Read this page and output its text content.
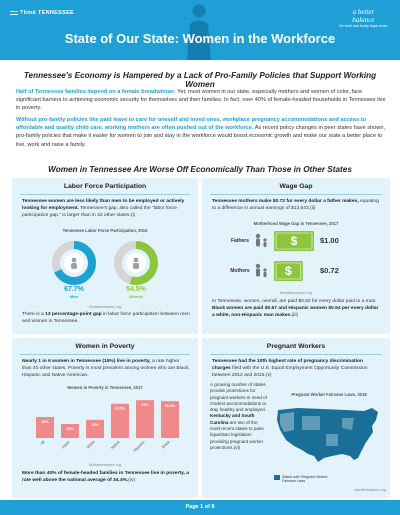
Think TENNESSEE	a better
balance
the work and family legal center
State of Our State: Women in the Workforce
Tennessee's Economy is Hampered by a Lack of Pro-Family Policies that Support Working Women
Half of Tennessee families depend on a female breadwinner. Yet, most women in our state, especially mothers and women of color, face significant barriers to achieving economic security for themselves and their families. In fact, over 40% of female-headed households in Tennessee live in poverty.
Without pro-family policies like paid leave to care for oneself and loved ones, workplace pregnancy accommodations and access to affordable and quality child care, working mothers are often pushed out of the workforce. As recent policy changes in peer states have shown, pro-family policies that make it easier for women to join and stay in the workforce would boost economic growth and make our state a better place to live, work and raise a family.
Women in Tennessee Are Worse Off Economically Than Those in Other States
Labor Force Participation
Tennessee women are less likely than men to be employed or actively looking for employment. Tennessee's gap, also called the "labor force participation gap," is larger than in 42 other states.(i)
Tennessee Labor Force Participation, 2016
67.7%
Men
54.5%
Women
thinktennessee.org
There is a 13 percentage-point gap in labor force participation between men and women in Tennessee.
Wage Gap
Tennessee mothers make $0.72 for every dollar a father makes, equating to a difference in annual earnings of $13,643.(ii)
Motherhood Wage Gap in Tennessee, 2017
Fathers	$	$1.00
Mothers	$	$0.72
thinktennessee.org
In Tennessee, women, overall, are paid $0.82 for every dollar paid to a man. Black women are paid $0.67 and Hispanic women $0.54 per every dollar a white, non-Hispanic man makes.(iii)
Women in Poverty
Nearly 1 in 6 women in Tennessee (15%) live in poverty, a rate higher than 40 other states. Poverty is most prevalent among women who are Black, Hispanic and Native American.
Women in Poverty in Tennessee, 2017
15%
All
10%
Asian
13%
White
24.5%
Native
27%
Hispanic
26.3%
Black
thinktennessee.org
More than 40% of female-headed families in Tennessee live in poverty, a rate well above the national average of 34.4%.(iv)
Pregnant Workers
Tennessee had the 10th highest rate of pregnancy discrimination charges filed with the U.S. Equal Employment Opportunity Commission between 2012 and 2015.(v)
A growing number of states provide protections for pregnant workers in need of modest accommodations to stay healthy and employed. Kentucky and South Carolina are two of the most recent states to pass bipartisan legislation providing pregnant worker protections.(vi)
Pregnant Worker Fairness Laws, 2018
States with Pregnant Worker Fairness Laws
abetterbalance.org
Page 1 of 8
